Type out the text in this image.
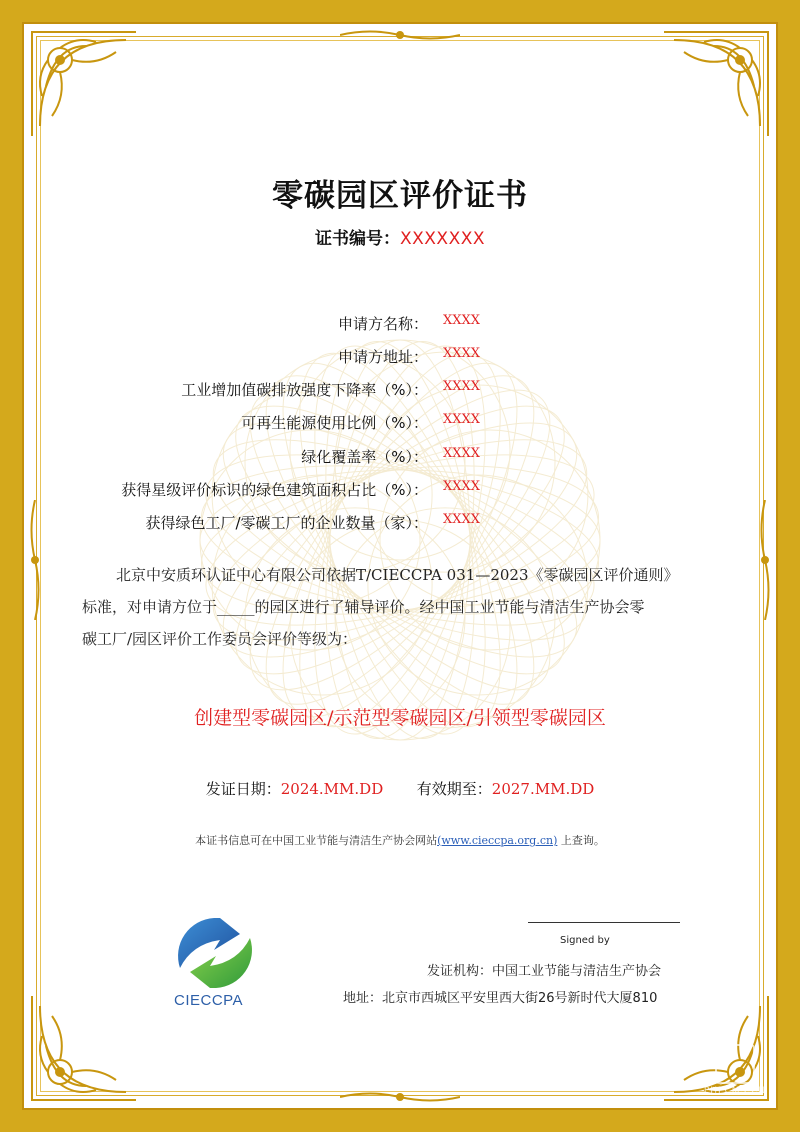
零碳园区评价证书
证书编号：XXXXXXX
申请方名称： XXXX
申请方地址： XXXX
工业增加值碳排放强度下降率（%）： XXXX
可再生能源使用比例（%）： XXXX
绿化覆盖率（%）： XXXX
获得星级评价标识的绿色建筑面积占比（%）： XXXX
获得绿色工厂/零碳工厂的企业数量（家）： XXXX
北京中安质环认证中心有限公司依据T/CIECCPA 031—2023《零碳园区评价通则》
标准，对申请方位于_____的园区进行了辅导评价。经中国工业节能与清洁生产协会零
碳工厂/园区评价工作委员会评价等级为：
创建型零碳园区/示范型零碳园区/引领型零碳园区
发证日期：2024.MM.DD 有效期至：2027.MM.DD
本证书信息可在中国工业节能与清洁生产协会网站(www.cieccpa.org.cn) 上查询。
CIECCPA
Signed by
发证机构：中国工业节能与清洁生产协会
地址：北京市西城区平安里西大街26号新时代大厦810
PHPCMS.CN
